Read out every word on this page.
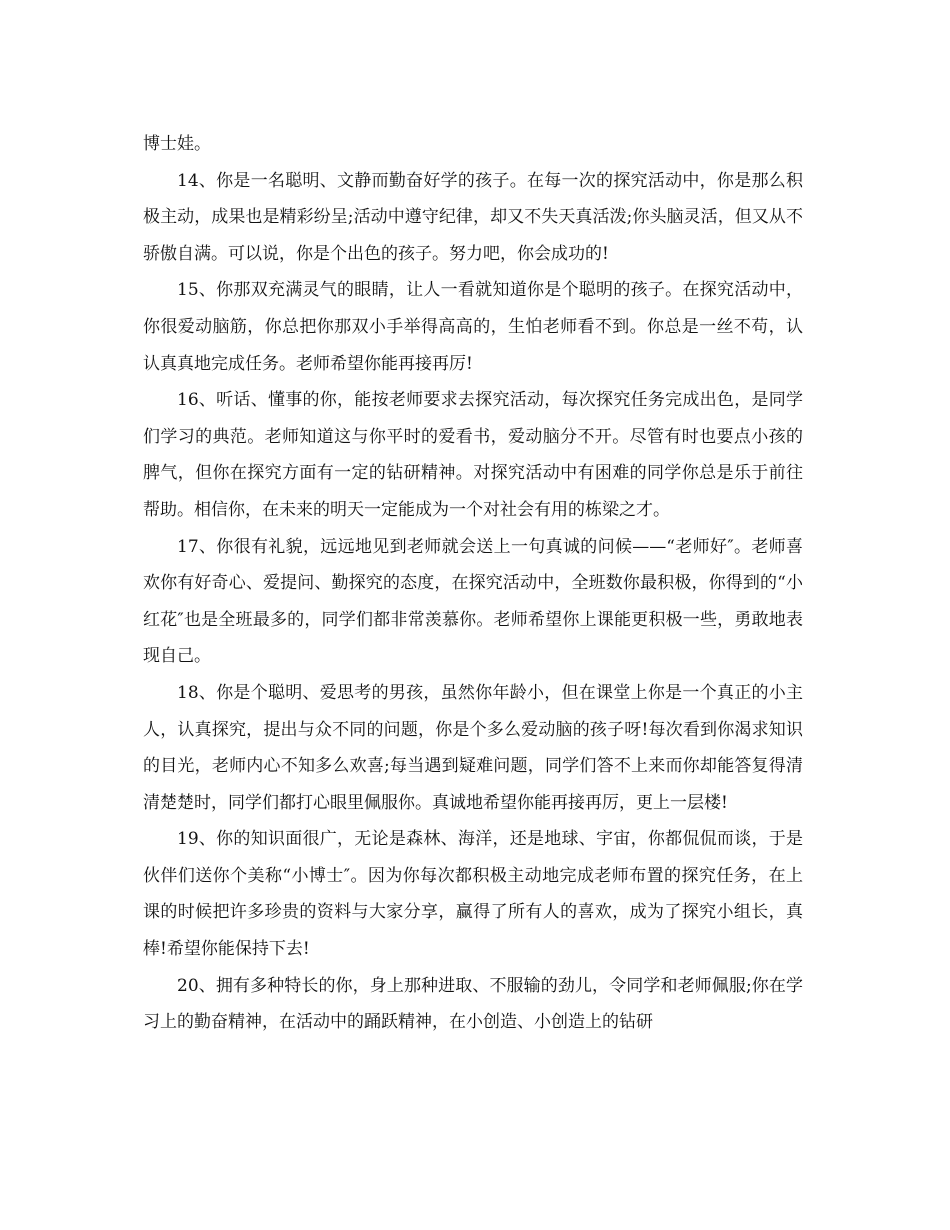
博士娃。

14、你是一名聪明、文静而勤奋好学的孩子。在每一次的探究活动中，你是那么积极主动，成果也是精彩纷呈;活动中遵守纪律，却又不失天真活泼;你头脑灵活，但又从不骄傲自满。可以说，你是个出色的孩子。努力吧，你会成功的!

15、你那双充满灵气的眼睛，让人一看就知道你是个聪明的孩子。在探究活动中，你很爱动脑筋，你总把你那双小手举得高高的，生怕老师看不到。你总是一丝不苟，认认真真地完成任务。老师希望你能再接再厉!

16、听话、懂事的你，能按老师要求去探究活动，每次探究任务完成出色，是同学们学习的典范。老师知道这与你平时的爱看书，爱动脑分不开。尽管有时也要点小孩的脾气，但你在探究方面有一定的钻研精神。对探究活动中有困难的同学你总是乐于前往帮助。相信你，在未来的明天一定能成为一个对社会有用的栋梁之才。

17、你很有礼貌，远远地见到老师就会送上一句真诚的问候——“老师好″。老师喜欢你有好奇心、爱提问、勤探究的态度，在探究活动中，全班数你最积极，你得到的“小红花″也是全班最多的，同学们都非常羡慕你。老师希望你上课能更积极一些，勇敢地表现自己。

18、你是个聪明、爱思考的男孩，虽然你年龄小，但在课堂上你是一个真正的小主人，认真探究，提出与众不同的问题，你是个多么爱动脑的孩子呀!每次看到你渴求知识的目光，老师内心不知多么欢喜;每当遇到疑难问题，同学们答不上来而你却能答复得清清楚楚时，同学们都打心眼里佩服你。真诚地希望你能再接再厉，更上一层楼!

19、你的知识面很广，无论是森林、海洋，还是地球、宇宙，你都侃侃而谈，于是伙伴们送你个美称“小博士″。因为你每次都积极主动地完成老师布置的探究任务，在上课的时候把许多珍贵的资料与大家分享，赢得了所有人的喜欢，成为了探究小组长，真棒!希望你能保持下去!

20、拥有多种特长的你，身上那种进取、不服输的劲儿，令同学和老师佩服;你在学习上的勤奋精神，在活动中的踊跃精神，在小创造、小创造上的钻研
